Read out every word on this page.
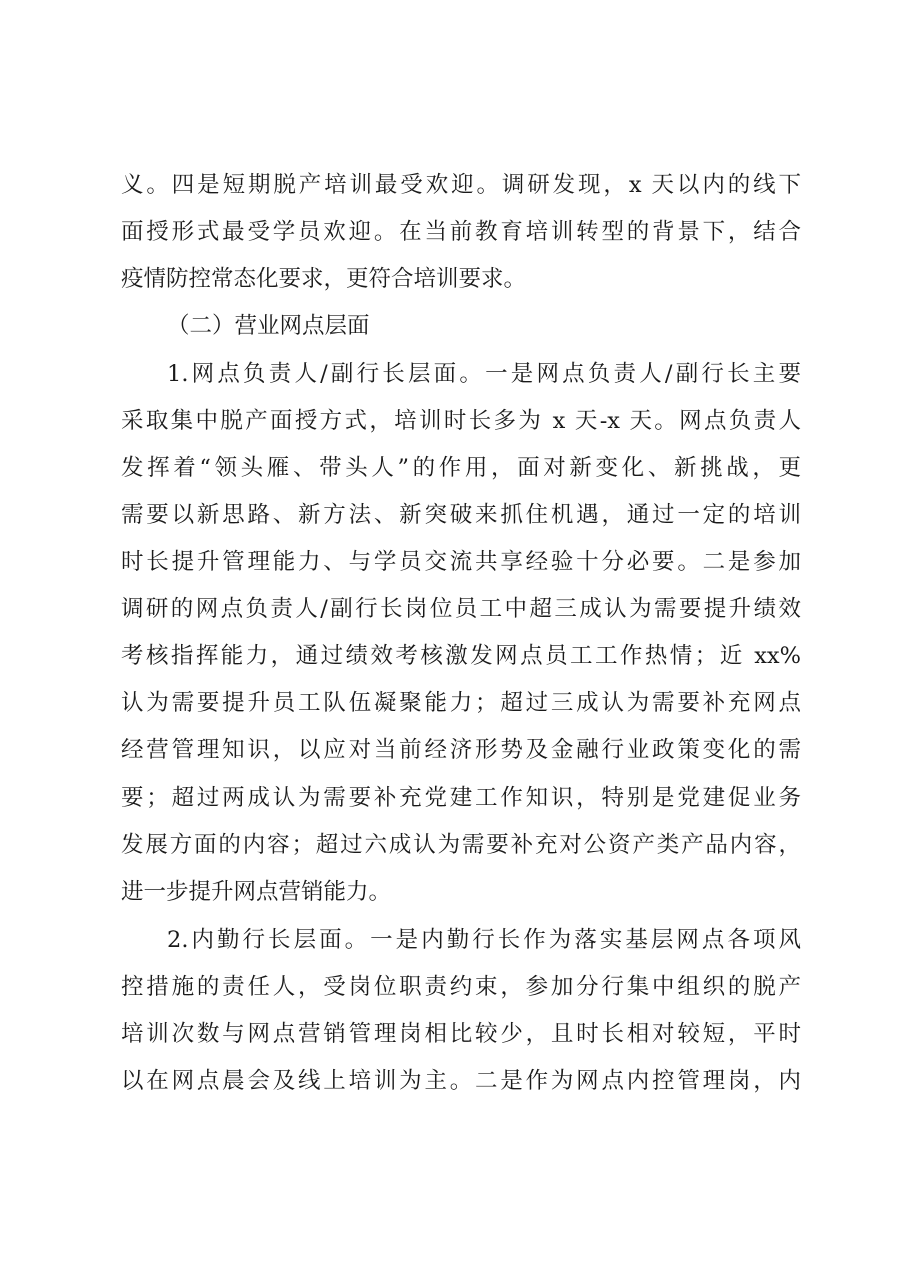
义。四是短期脱产培训最受欢迎。调研发现，x 天以内的线下
面授形式最受学员欢迎。在当前教育培训转型的背景下，结合
疫情防控常态化要求，更符合培训要求。
（二）营业网点层面
1.网点负责人/副行长层面。一是网点负责人/副行长主要
采取集中脱产面授方式，培训时长多为 x 天-x 天。网点负责人
发挥着“领头雁、带头人”的作用，面对新变化、新挑战，更
需要以新思路、新方法、新突破来抓住机遇，通过一定的培训
时长提升管理能力、与学员交流共享经验十分必要。二是参加
调研的网点负责人/副行长岗位员工中超三成认为需要提升绩效
考核指挥能力，通过绩效考核激发网点员工工作热情；近 xx%
认为需要提升员工队伍凝聚能力；超过三成认为需要补充网点
经营管理知识，以应对当前经济形势及金融行业政策变化的需
要；超过两成认为需要补充党建工作知识，特别是党建促业务
发展方面的内容；超过六成认为需要补充对公资产类产品内容，
进一步提升网点营销能力。
2.内勤行长层面。一是内勤行长作为落实基层网点各项风
控措施的责任人，受岗位职责约束，参加分行集中组织的脱产
培训次数与网点营销管理岗相比较少，且时长相对较短，平时
以在网点晨会及线上培训为主。二是作为网点内控管理岗，内
